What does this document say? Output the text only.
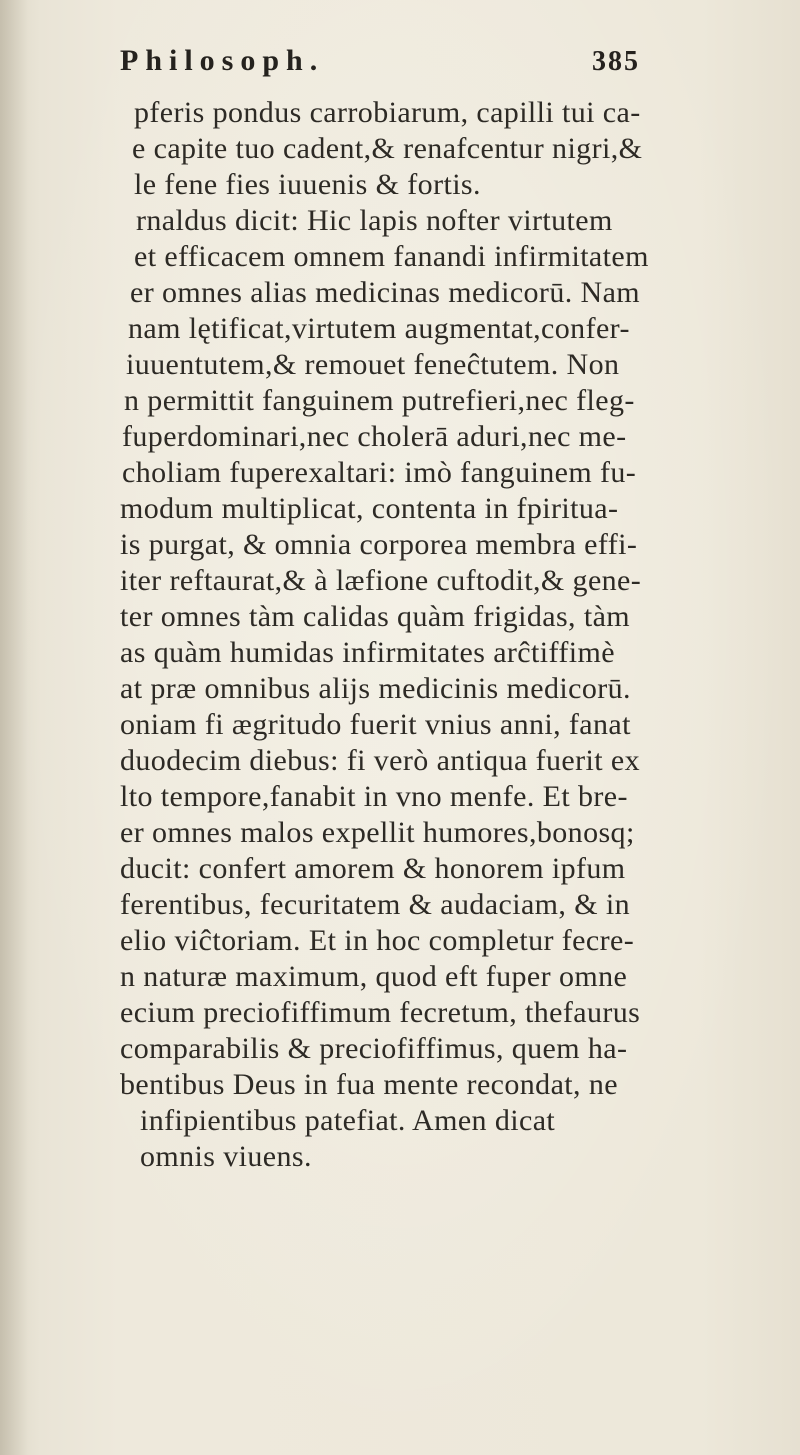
Philosoph.	385
pferis pondus carrobiarum, capilli tui ca-
e capite tuo cadent,& renafcentur nigri,&
le fene fies iuuenis & fortis.
rnaldus dicit: Hic lapis nofter virtutem
et efficacem omnem fanandi infirmitatem
er omnes alias medicinas medicorū. Nam
nam lętificat,virtutem augmentat,confer-
iuuentutem,& remouet feneĉtutem. Non
n permittit fanguinem putrefieri,nec fleg-
fuperdominari,nec cholerā aduri,nec me-
choliam fuperexaltari: imò fanguinem fu-
modum multiplicat, contenta in fpiritua-
is purgat, & omnia corporea membra effi-
iter reftaurat,& à læfione cuftodit,& gene-
ter omnes tàm calidas quàm frigidas, tàm
as quàm humidas infirmitates arĉtiffimè
at præ omnibus alijs medicinis medicorū.
oniam fi ægritudo fuerit vnius anni, fanat
duodecim diebus: fi verò antiqua fuerit ex
lto tempore,fanabit in vno menfe. Et bre-
er omnes malos expellit humores,bonosq;
ducit: confert amorem & honorem ipfum
ferentibus, fecuritatem & audaciam, & in
elio viĉtoriam. Et in hoc completur fecre-
n naturæ maximum, quod eft fuper omne
ecium preciofiffimum fecretum, thefaurus
comparabilis & preciofiffimus, quem ha-
bentibus Deus in fua mente recondat, ne
infipientibus patefiat. Amen dicat
omnis viuens.
